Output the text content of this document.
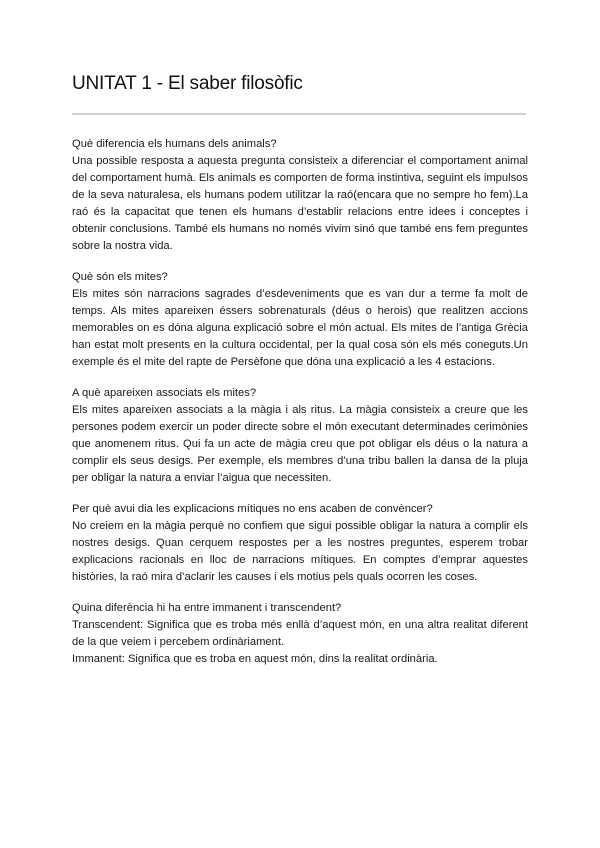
UNITAT 1 - El saber filosòfic

Què diferencia els humans dels animals?

Una possible resposta a aquesta pregunta consisteix a diferenciar el comportament animal del comportament humà. Els animals es comporten de forma instintiva, seguint els impulsos de la seva naturalesa, els humans podem utilitzar la raó(encara que no sempre ho fem).La raó és la capacitat que tenen els humans d’establir relacions entre idees i conceptes i obtenir conclusions. També els humans no només vivim sinó que també ens fem preguntes sobre la nostra vida.

Què són els mites?

Els mites són narracions sagrades d’esdeveniments que es van dur a terme fa molt de temps. Als mites apareixen éssers sobrenaturals (déus o herois) que realitzen accions memorables on es dóna alguna explicació sobre el món actual. Els mites de l’antiga Grècia han estat molt presents en la cultura occidental, per la qual cosa són els més coneguts.Un exemple és el mite del rapte de Persèfone que dóna una explicació a les 4 estacions.

A què apareixen associats els mites?

Els mites apareixen associats a la màgia i als ritus. La màgia consisteix a creure que les persones podem exercir un poder directe sobre el món executant determinades cerimònies que anomenem ritus. Qui fa un acte de màgia creu que pot obligar els déus o la natura a complir els seus desigs. Per exemple, els membres d’una tribu ballen la dansa de la pluja per obligar la natura a enviar l’aigua que necessiten.

Per què avui dia les explicacions mítiques no ens acaben de convèncer?

No creiem en la màgia perquè no confiem que sigui possible obligar la natura a complir els nostres desigs. Quan cerquem respostes per a les nostres preguntes, esperem trobar explicacions racionals en lloc de narracions mítiques. En comptes d’emprar aquestes històries, la raó mira d’aclarir les causes i els motius pels quals ocorren les coses.

Quina diferència hi ha entre immanent i transcendent?

Transcendent: Significa que es troba més enllà d’aquest món, en una altra realitat diferent de la que veiem i percebem ordinàriament.

Immanent: Significa que es troba en aquest món, dins la realitat ordinària.
